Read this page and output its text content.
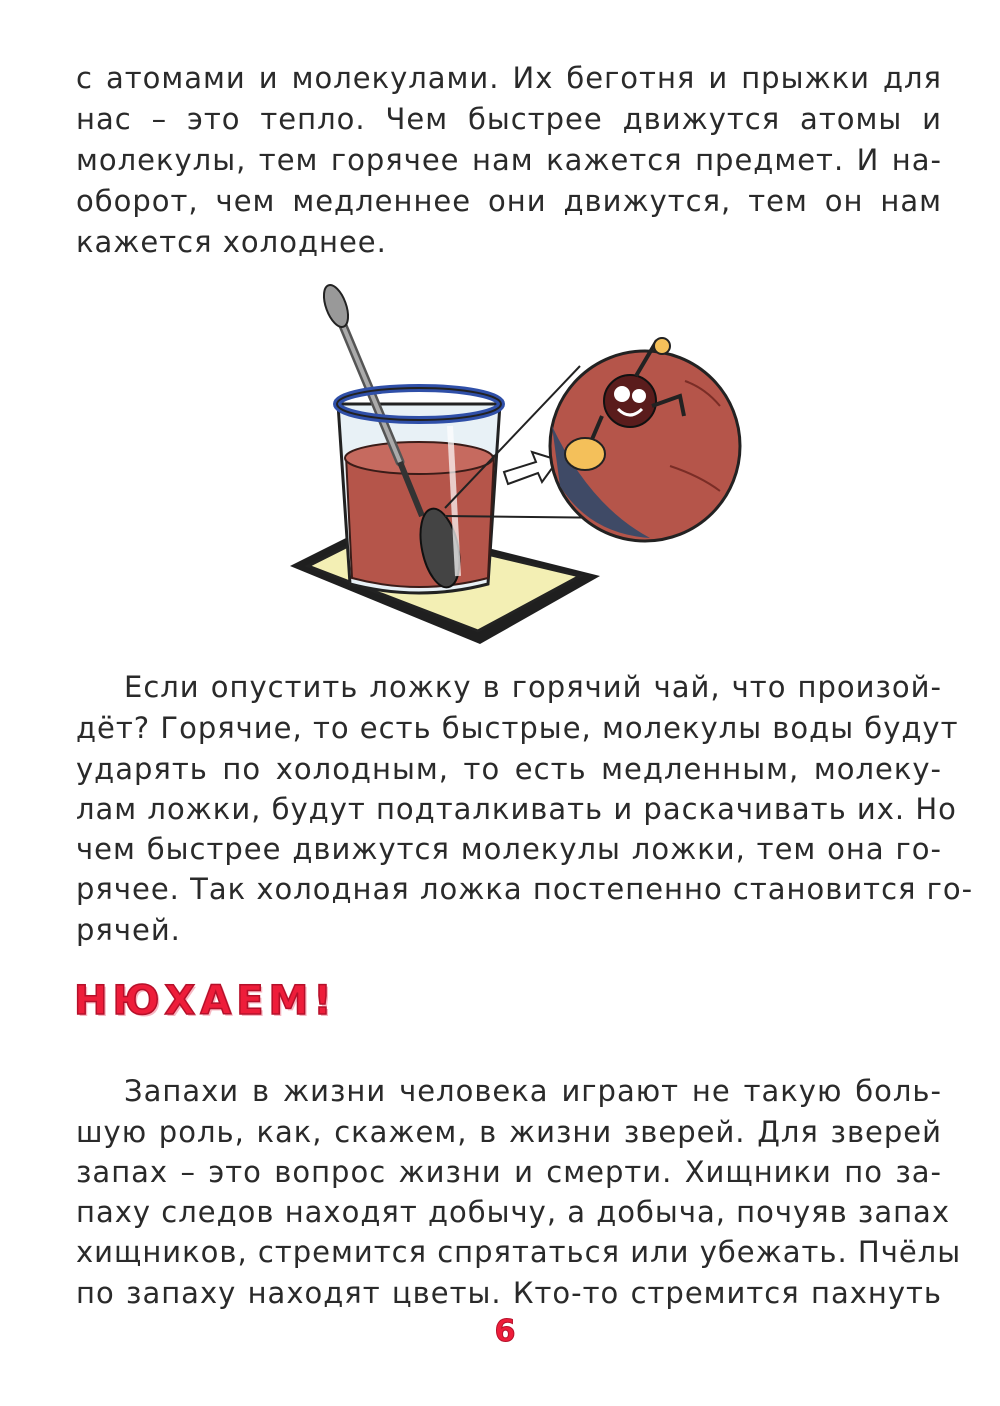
с атомами и молекулами. Их беготня и прыжки для
нас – это тепло. Чем быстрее движутся атомы и
молекулы, тем горячее нам кажется предмет. И на-
оборот, чем медленнее они движутся, тем он нам
кажется холоднее.
Если опустить ложку в горячий чай, что произой-
дёт? Горячие, то есть быстрые, молекулы воды будут
ударять по холодным, то есть медленным, молеку-
лам ложки, будут подталкивать и раскачивать их. Но
чем быстрее движутся молекулы ложки, тем она го-
рячее. Так холодная ложка постепенно становится го-
рячей.
НЮХАЕМ!
Запахи в жизни человека играют не такую боль-
шую роль, как, скажем, в жизни зверей. Для зверей
запах – это вопрос жизни и смерти. Хищники по за-
паху следов находят добычу, а добыча, почуяв запах
хищников, стремится спрятаться или убежать. Пчёлы
по запаху находят цветы. Кто-то стремится пахнуть
6
